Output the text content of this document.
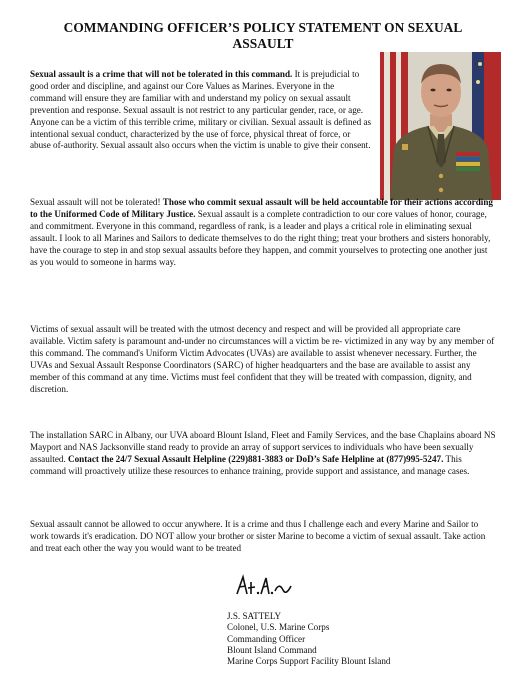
COMMANDING OFFICER’S POLICY STATEMENT ON SEXUAL ASSAULT

Sexual assault is a crime that will not be tolerated in this command. It is prejudicial to good order and discipline, and against our Core Values as Marines. Everyone in the command will ensure they are familiar with and understand my policy on sexual assault prevention and response. Sexual assault is not restrict to any particular gender, race, or age. Anyone can be a victim of this terrible crime, military or civilian. Sexual assault is defined as intentional sexual conduct, characterized by the use of force, physical threat of force, or abuse of-authority. Sexual assault also occurs when the victim is unable to give their consent.

Sexual assault will not be tolerated! Those who commit sexual assault will be held accountable for their actions according to the Uniformed Code of Military Justice. Sexual assault is a complete contradiction to our core values of honor, courage, and commitment. Everyone in this command, regardless of rank, is a leader and plays a critical role in eliminating sexual assault. I look to all Marines and Sailors to dedicate themselves to do the right thing; treat your brothers and sisters honorably, have the courage to step in and stop sexual assaults before they happen, and commit yourselves to protecting one another just as you would to someone in harms way.

Victims of sexual assault will be treated with the utmost decency and respect and will be provided all appropriate care available. Victim safety is paramount and-under no circumstances will a victim be re- victimized in any way by any member of this command. The command's Uniform Victim Advocates (UVAs) are available to assist whenever necessary. Further, the UVAs and Sexual Assault Response Coordinators (SARC) of higher headquarters and the base are available to assist any member of this command at any time. Victims must feel confident that they will be treated with compassion, dignity, and discretion.

The installation SARC in Albany, our UVA aboard Blount Island, Fleet and Family Services, and the base Chaplains aboard NS Mayport and NAS Jacksonville stand ready to provide an array of support services to individuals who have been sexually assaulted. Contact the 24/7 Sexual Assault Helpline (229)881-3883 or DoD’s Safe Helpline at (877)995-5247. This command will proactively utilize these resources to enhance training, provide support and assistance, and manage cases.

Sexual assault cannot be allowed to occur anywhere. It is a crime and thus I challenge each and every Marine and Sailor to work towards it's eradication. DO NOT allow your brother or sister Marine to become a victim of sexual assault. Take action and treat each other the way you would want to be treated

J.S. SATTELY
Colonel, U.S. Marine Corps
Commanding Officer
Blount Island Command
Marine Corps Support Facility Blount Island
